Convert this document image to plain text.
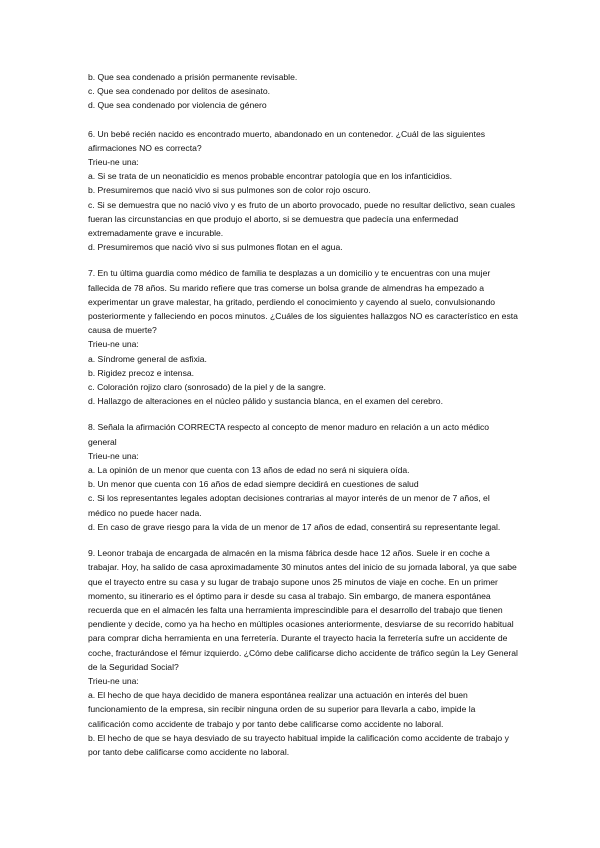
b. Que sea condenado a prisión permanente revisable.
c. Que sea condenado por delitos de asesinato.
d. Que sea condenado por violencia de género
6. Un bebé recién nacido es encontrado muerto, abandonado en un contenedor. ¿Cuál de las siguientes afirmaciones NO es correcta?
Trieu-ne una:
a. Si se trata de un neonaticidio es menos probable encontrar patología que en los infanticidios.
b. Presumiremos que nació vivo si sus pulmones son de color rojo oscuro.
c. Si se demuestra que no nació vivo y es fruto de un aborto provocado, puede no resultar delictivo, sean cuales fueran las circunstancias en que produjo el aborto, si se demuestra que padecía una enfermedad extremadamente grave e incurable.
d. Presumiremos que nació vivo si sus pulmones flotan en el agua.
7. En tu última guardia como médico de familia te desplazas a un domicilio y te encuentras con una mujer fallecida de 78 años. Su marido refiere que tras comerse un bolsa grande de almendras ha empezado a experimentar un grave malestar, ha gritado, perdiendo el conocimiento y cayendo al suelo, convulsionando posteriormente y falleciendo en pocos minutos. ¿Cuáles de los siguientes hallazgos NO es característico en esta causa de muerte?
Trieu-ne una:
a. Síndrome general de asfixia.
b. Rigidez precoz e intensa.
c. Coloración rojizo claro (sonrosado) de la piel y de la sangre.
d. Hallazgo de alteraciones en el núcleo pálido y sustancia blanca, en el examen del cerebro.
8. Señala la afirmación CORRECTA respecto al concepto de menor maduro en relación a un acto médico general
Trieu-ne una:
a. La opinión de un menor que cuenta con 13 años de edad no será ni siquiera oída.
b. Un menor que cuenta con 16 años de edad siempre decidirá en cuestiones de salud
c. Si los representantes legales adoptan decisiones contrarias al mayor interés de un menor de 7 años, el médico no puede hacer nada.
d. En caso de grave riesgo para la vida de un menor de 17 años de edad, consentirá su representante legal.
9. Leonor trabaja de encargada de almacén en la misma fábrica desde hace 12 años. Suele ir en coche a trabajar. Hoy, ha salido de casa aproximadamente 30 minutos antes del inicio de su jornada laboral, ya que sabe que el trayecto entre su casa y su lugar de trabajo supone unos 25 minutos de viaje en coche. En un primer momento, su itinerario es el óptimo para ir desde su casa al trabajo. Sin embargo, de manera espontánea recuerda que en el almacén les falta una herramienta imprescindible para el desarrollo del trabajo que tienen pendiente y decide, como ya ha hecho en múltiples ocasiones anteriormente, desviarse de su recorrido habitual para comprar dicha herramienta en una ferretería. Durante el trayecto hacia la ferretería sufre un accidente de coche, fracturándose el fémur izquierdo. ¿Cómo debe calificarse dicho accidente de tráfico según la Ley General de la Seguridad Social?
Trieu-ne una:
a. El hecho de que haya decidido de manera espontánea realizar una actuación en interés del buen funcionamiento de la empresa, sin recibir ninguna orden de su superior para llevarla a cabo, impide la calificación como accidente de trabajo y por tanto debe calificarse como accidente no laboral.
b. El hecho de que se haya desviado de su trayecto habitual impide la calificación como accidente de trabajo y por tanto debe calificarse como accidente no laboral.
